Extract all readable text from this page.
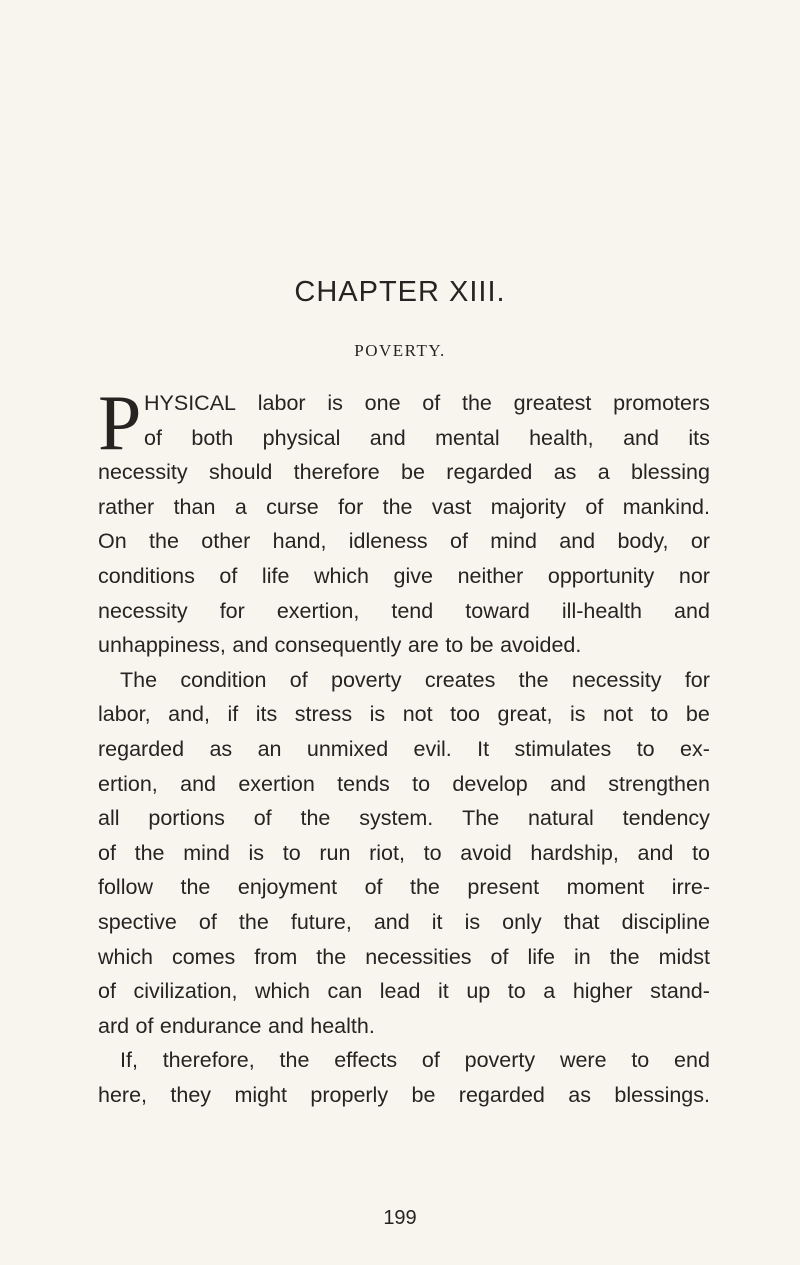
CHAPTER XIII.
POVERTY.
P HYSICAL labor is one of the greatest promoters
of both physical and mental health, and its
necessity should therefore be regarded as a blessing
rather than a curse for the vast majority of mankind.
On the other hand, idleness of mind and body, or
conditions of life which give neither opportunity nor
necessity for exertion, tend toward ill-health and
unhappiness, and consequently are to be avoided.
The condition of poverty creates the necessity for
labor, and, if its stress is not too great, is not to be
regarded as an unmixed evil. It stimulates to ex-
ertion, and exertion tends to develop and strengthen
all portions of the system. The natural tendency
of the mind is to run riot, to avoid hardship, and to
follow the enjoyment of the present moment irre-
spective of the future, and it is only that discipline
which comes from the necessities of life in the midst
of civilization, which can lead it up to a higher stand-
ard of endurance and health.
If, therefore, the effects of poverty were to end
here, they might properly be regarded as blessings.
199
